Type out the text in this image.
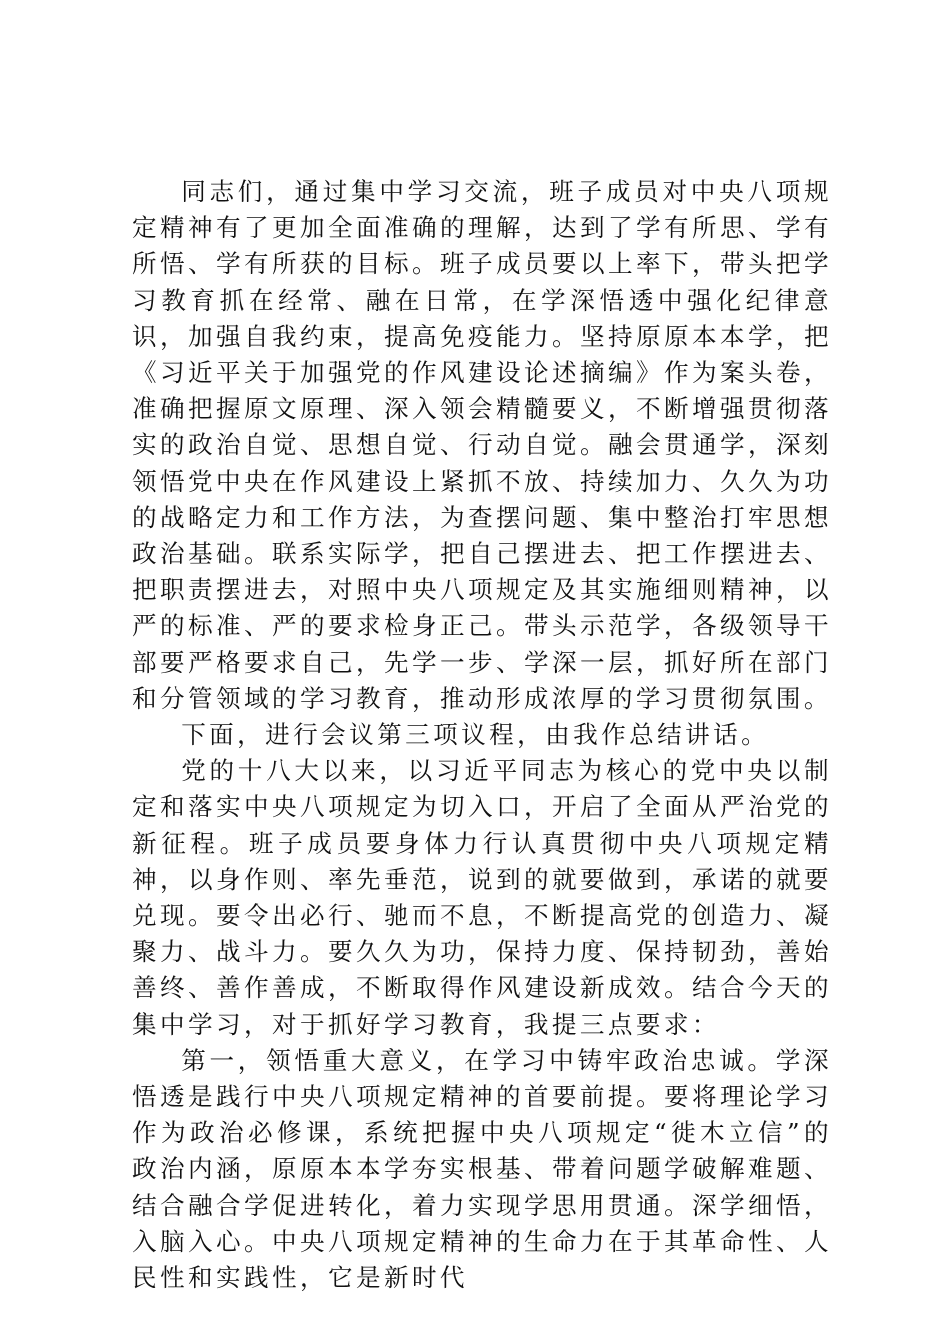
同志们，通过集中学习交流，班子成员对中央八项规定精神有了更加全面准确的理解，达到了学有所思、学有所悟、学有所获的目标。班子成员要以上率下，带头把学习教育抓在经常、融在日常，在学深悟透中强化纪律意识，加强自我约束，提高免疫能力。坚持原原本本学，把《习近平关于加强党的作风建设论述摘编》作为案头卷，准确把握原文原理、深入领会精髓要义，不断增强贯彻落实的政治自觉、思想自觉、行动自觉。融会贯通学，深刻领悟党中央在作风建设上紧抓不放、持续加力、久久为功的战略定力和工作方法，为查摆问题、集中整治打牢思想政治基础。联系实际学，把自己摆进去、把工作摆进去、把职责摆进去，对照中央八项规定及其实施细则精神，以严的标准、严的要求检身正己。带头示范学，各级领导干部要严格要求自己，先学一步、学深一层，抓好所在部门和分管领域的学习教育，推动形成浓厚的学习贯彻氛围。

下面，进行会议第三项议程，由我作总结讲话。

党的十八大以来，以习近平同志为核心的党中央以制定和落实中央八项规定为切入口，开启了全面从严治党的新征程。班子成员要身体力行认真贯彻中央八项规定精神，以身作则、率先垂范，说到的就要做到，承诺的就要兑现。要令出必行、驰而不息，不断提高党的创造力、凝聚力、战斗力。要久久为功，保持力度、保持韧劲，善始善终、善作善成，不断取得作风建设新成效。结合今天的集中学习，对于抓好学习教育，我提三点要求：

第一，领悟重大意义，在学习中铸牢政治忠诚。学深悟透是践行中央八项规定精神的首要前提。要将理论学习作为政治必修课，系统把握中央八项规定“徙木立信”的政治内涵，原原本本学夯实根基、带着问题学破解难题、结合融合学促进转化，着力实现学思用贯通。深学细悟，入脑入心。中央八项规定精神的生命力在于其革命性、人民性和实践性，它是新时代
